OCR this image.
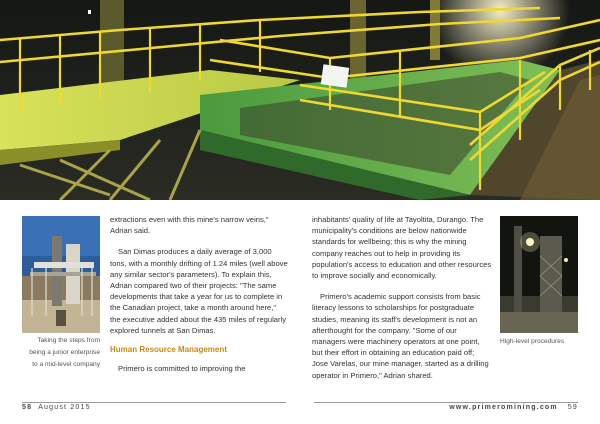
Taking the steps from
being a junior enterprise
to a mid-level company

extractions even with this mine's narrow veins," Adrian said.

San Dimas produces a daily average of 3,000 tons, with a monthly drifting of 1.24 miles (well above any similar sector's parameters). To explain this, Adrian compared two of their projects: "The same developments that take a year for us to complete in the Canadian project, take a month around here," the executive added about the 435 miles of regularly explored tunnels at San Dimas.

Human Resource Management

Primero is committed to improving the

inhabitants' quality of life at Tayoltita, Durango. The municipality's conditions are below nationwide standards for wellbeing; this is why the mining company reaches out to help in providing its population's access to education and other resources to improve socially and economically.

Primero's academic support consists from basic literacy lessons to scholarships for postgraduate studies, meaning its staff's development is not an afterthought for the company. "Some of our managers were machinery operators at one point, but their effort in obtaining an education paid off; Jose Varelas, our mine manager, started as a drilling operator in Primero," Adrian shared.

High-level procedures
58 August 2015	www.primeromining.com 59
